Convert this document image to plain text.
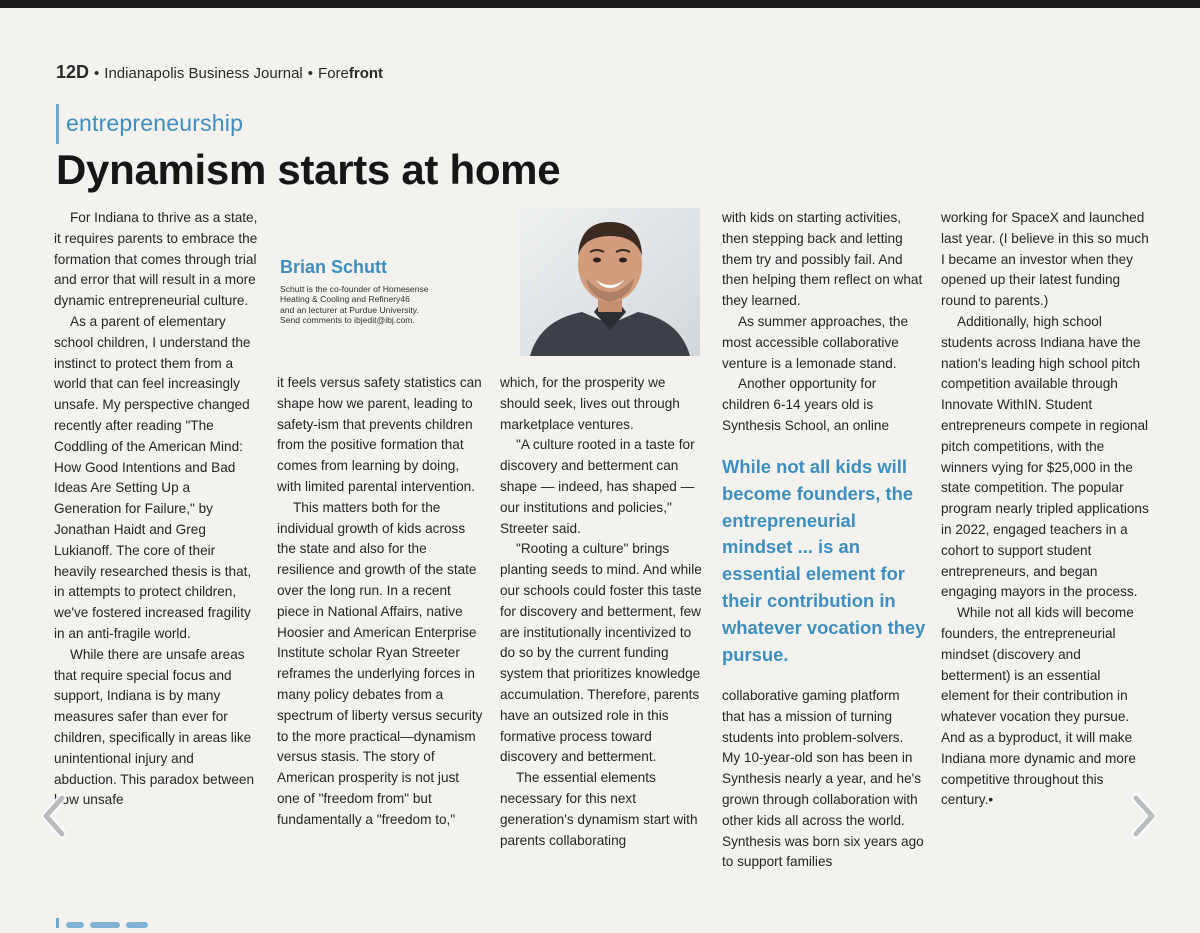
12D • Indianapolis Business Journal • Forefront
entrepreneurship
Dynamism starts at home

For Indiana to thrive as a state, it requires parents to embrace the formation that comes through trial and error that will result in a more dynamic entrepreneurial culture.

As a parent of elementary school children, I understand the instinct to protect them from a world that can feel increasingly unsafe. My perspective changed recently after reading "The Coddling of the American Mind: How Good Intentions and Bad Ideas Are Setting Up a Generation for Failure," by Jonathan Haidt and Greg Lukianoff. The core of their heavily researched thesis is that, in attempts to protect children, we've fostered increased fragility in an anti-fragile world.

While there are unsafe areas that require special focus and support, Indiana is by many measures safer than ever for children, specifically in areas like unintentional injury and abduction. This paradox between how unsafe

Brian Schutt
Schutt is the co-founder of Homesense
Heating & Cooling and Refinery46
and an lecturer at Purdue University.
Send comments to ibjedit@ibj.com.

it feels versus safety statistics can shape how we parent, leading to safety-ism that prevents children from the positive formation that comes from learning by doing, with limited parental intervention.

This matters both for the individual growth of kids across the state and also for the resilience and growth of the state over the long run. In a recent piece in National Affairs, native Hoosier and American Enterprise Institute scholar Ryan Streeter reframes the underlying forces in many policy debates from a spectrum of liberty versus security to the more practical—dynamism versus stasis. The story of American prosperity is not just one of "freedom from" but fundamentally a "freedom to,"

which, for the prosperity we should seek, lives out through marketplace ventures.

"A culture rooted in a taste for discovery and betterment can shape — indeed, has shaped —our institutions and policies," Streeter said.

"Rooting a culture" brings planting seeds to mind. And while our schools could foster this taste for discovery and betterment, few are institutionally incentivized to do so by the current funding system that prioritizes knowledge accumulation. Therefore, parents have an outsized role in this formative process toward discovery and betterment.

The essential elements necessary for this next generation's dynamism start with parents collaborating

with kids on starting activities, then stepping back and letting them try and possibly fail. And then helping them reflect on what they learned.

As summer approaches, the most accessible collaborative venture is a lemonade stand.

Another opportunity for children 6-14 years old is Synthesis School, an online

While not all kids will become founders, the entrepreneurial mindset ... is an essential element for their contribution in whatever vocation they pursue.

collaborative gaming platform that has a mission of turning students into problem-solvers. My 10-year-old son has been in Synthesis nearly a year, and he's grown through collaboration with other kids all across the world. Synthesis was born six years ago to support families

working for SpaceX and launched last year. (I believe in this so much I became an investor when they opened up their latest funding round to parents.)

Additionally, high school students across Indiana have the nation's leading high school pitch competition available through Innovate WithIN. Student entrepreneurs compete in regional pitch competitions, with the winners vying for $25,000 in the state competition. The popular program nearly tripled applications in 2022, engaged teachers in a cohort to support student entrepreneurs, and began engaging mayors in the process.

While not all kids will become founders, the entrepreneurial mindset (discovery and betterment) is an essential element for their contribution in whatever vocation they pursue. And as a byproduct, it will make Indiana more dynamic and more competitive throughout this century.•
